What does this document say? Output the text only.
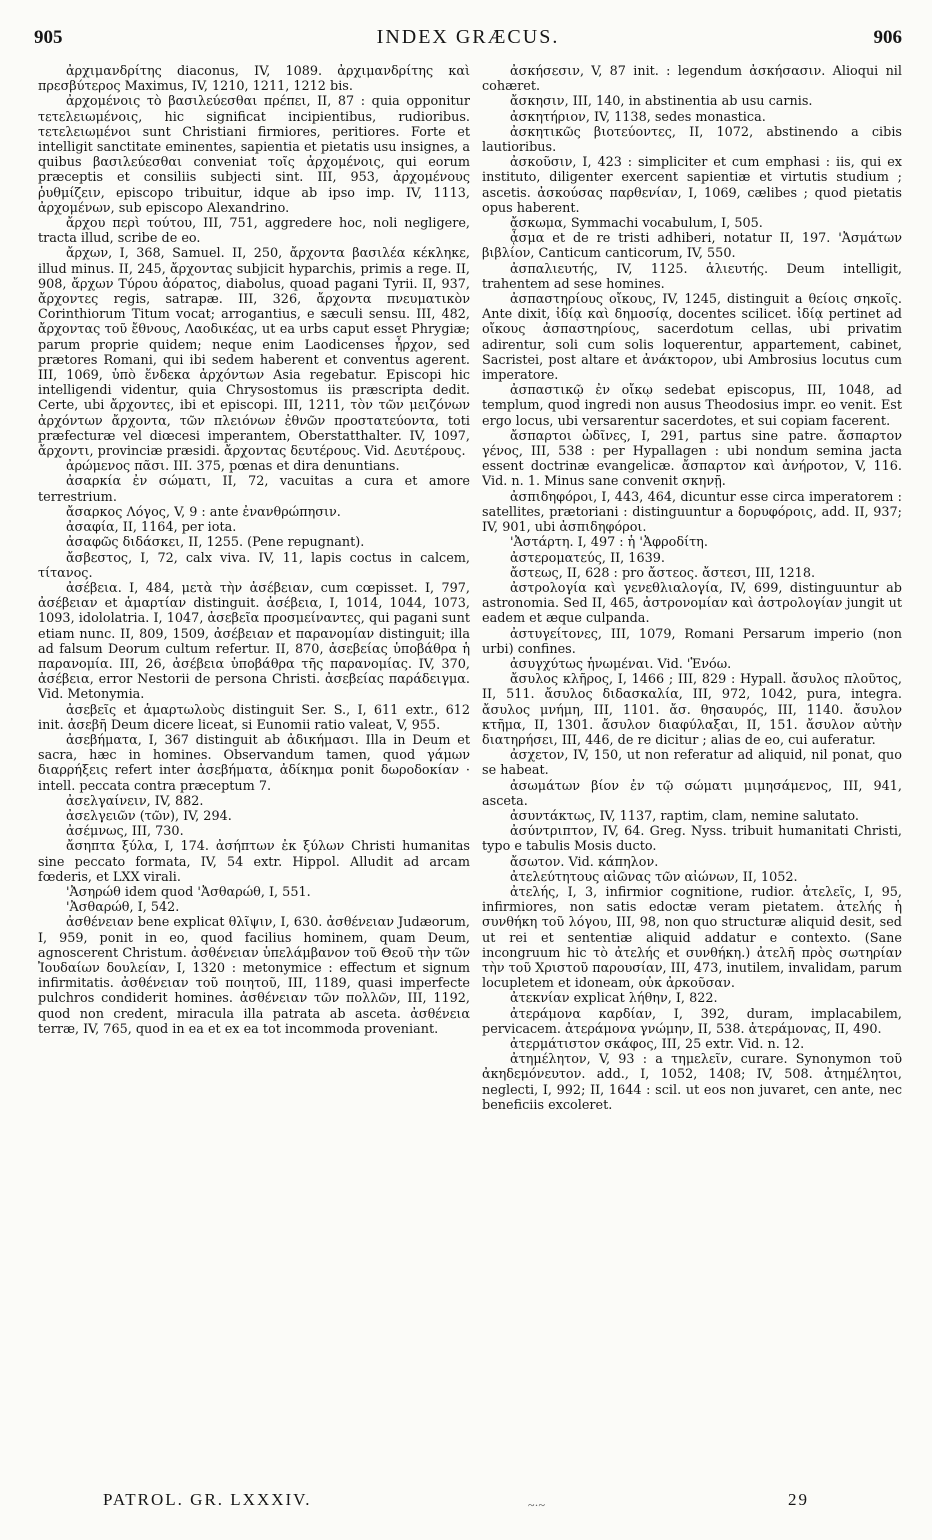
905	INDEX GRÆCUS.	906

ἀρχιμανδρίτης diaconus, IV, 1089. ἀρχιμανδρίτης καὶ πρεσβύτερος Maximus, IV, 1210, 1211, 1212 bis.

ἀρχομένοις τὸ βασιλεύεσθαι πρέπει, II, 87 : quia opponitur τετελειωμένοις, hic significat incipientibus, rudioribus. τετελειωμένοι sunt Christiani firmiores, peritiores. Forte et intelligit sanctitate eminentes, sapientia et pietatis usu insignes, a quibus βασιλεύεσθαι conveniat τοῖς ἀρχομένοις, qui eorum præceptis et consiliis subjecti sint. III, 953, ἀρχομένους ῥυθμίζειν, episcopo tribuitur, idque ab ipso imp. IV, 1113, ἀρχομένων, sub episcopo Alexandrino.

ἄρχου περὶ τούτου, III, 751, aggredere hoc, noli negligere, tracta illud, scribe de eo.

ἄρχων, I, 368, Samuel. II, 250, ἄρχοντα βασιλέα κέκληκε, illud minus. II, 245, ἄρχοντας subjicit hyparchis, primis a rege. II, 908, ἄρχων Τύρου ἀόρατος, diabolus, quoad pagani Tyrii. II, 937, ἄρχοντες regis, satrapæ. III, 326, ἄρχοντα πνευματικὸν Corinthiorum Titum vocat; arrogantius, e sæculi sensu. III, 482, ἄρχοντας τοῦ ἔθνους, Λαοδικέας, ut ea urbs caput esset Phrygiæ; parum proprie quidem; neque enim Laodicenses ἦρχον, sed prætores Romani, qui ibi sedem haberent et conventus agerent. III, 1069, ὑπὸ ἕνδεκα ἀρχόντων Asia regebatur. Episcopi hic intelligendi videntur, quia Chrysostomus iis præscripta dedit. Certe, ubi ἄρχοντες, ibi et episcopi. III, 1211, τὸν τῶν μειζόνων ἀρχόντων ἄρχοντα, τῶν πλειόνων ἐθνῶν προστατεύοντα, toti præfecturæ vel diœcesi imperantem, Oberstatthalter. IV, 1097, ἄρχοντι, provinciæ præsidi. ἄρχοντας δευτέρους. Vid. Δευτέρους.

ἀρώμενος πᾶσι. III. 375, pœnas et dira denuntians.

ἀσαρκία ἐν σώματι, II, 72, vacuitas a cura et amore terrestrium.

ἄσαρκος Λόγος, V, 9 : ante ἐνανθρώπησιν.

ἀσαφία, II, 1164, per iota.

ἀσαφῶς διδάσκει, II, 1255. (Pene repugnant).

ἄσβεστος, I, 72, calx viva. IV, 11, lapis coctus in calcem, τίτανος.

ἀσέβεια. I, 484, μετὰ τὴν ἀσέβειαν, cum cœpisset. I, 797, ἀσέβειαν et ἁμαρτίαν distinguit. ἀσέβεια, I, 1014, 1044, 1073, 1093, idololatria. I, 1047, ἀσεβεῖα προσμείναντες, qui pagani sunt etiam nunc. II, 809, 1509, ἀσέβειαν et παρανομίαν distinguit; illa ad falsum Deorum cultum refertur. II, 870, ἀσεβείας ὑποβάθρα ἡ παρανομία. III, 26, ἀσέβεια ὑποβάθρα τῆς παρανομίας. IV, 370, ἀσέβεια, error Nestorii de persona Christi. ἀσεβείας παράδειγμα. Vid. Metonymia.

ἀσεβεῖς et ἁμαρτωλοὺς distinguit Ser. S., I, 611 extr., 612 init. ἀσεβῆ Deum dicere liceat, si Eunomii ratio valeat, V, 955.

ἀσεβήματα, I, 367 distinguit ab ἀδικήμασι. Illa in Deum et sacra, hæc in homines. Observandum tamen, quod γάμων διαρρήξεις refert inter ἀσεβήματα, ἀδίκημα ponit δωροδοκίαν · intell. peccata contra præceptum 7.

ἀσελγαίνειν, IV, 882.

ἀσελγειῶν (τῶν), IV, 294.

ἀσέμνως, III, 730.

ἄσηπτα ξύλα, I, 174. ἀσήπτων ἐκ ξύλων Christi humanitas sine peccato formata, IV, 54 extr. Hippol. Alludit ad arcam fœderis, et LXX virali.

'Ἀσηρώθ idem quod 'Ἀσθαρώθ, I, 551.

'Ἀσθαρώθ, I, 542.

ἀσθένειαν bene explicat θλῖψιν, I, 630. ἀσθένειαν Judæorum, I, 959, ponit in eo, quod facilius hominem, quam Deum, agnoscerent Christum. ἀσθένειαν ὑπελάμβανον τοῦ Θεοῦ τὴν τῶν Ἰουδαίων δουλείαν, I, 1320 : metonymice : effectum et signum infirmitatis. ἀσθένειαν τοῦ ποιητοῦ, III, 1189, quasi imperfecte pulchros condiderit homines. ἀσθένειαν τῶν πολλῶν, III, 1192, quod non credent, miracula illa patrata ab asceta. ἀσθένεια terræ, IV, 765, quod in ea et ex ea tot incommoda proveniant.

ἀσκήσεσιν, V, 87 init. : legendum ἀσκήσασιν. Alioqui nil cohæret.

ἄσκησιν, III, 140, in abstinentia ab usu carnis.

ἀσκητήριον, IV, 1138, sedes monastica.

ἀσκητικῶς βιοτεύοντες, II, 1072, abstinendo a cibis lautioribus.

ἀσκοῦσιν, I, 423 : simpliciter et cum emphasi : iis, qui ex instituto, diligenter exercent sapientiæ et virtutis studium ; ascetis. ἀσκούσας παρθενίαν, I, 1069, cælibes ; quod pietatis opus haberent.

ἄσκωμα, Symmachi vocabulum, I, 505.

ᾆσμα et de re tristi adhiberi, notatur II, 197. 'Ἀσμάτων βιβλίον, Canticum canticorum, IV, 550.

ἀσπαλιευτής, IV, 1125. ἁλιευτής. Deum intelligit, trahentem ad sese homines.

ἀσπαστηρίους οἴκους, IV, 1245, distinguit a θείοις σηκοῖς. Ante dixit, ἰδίᾳ καὶ δημοσίᾳ, docentes scilicet. ἰδίᾳ pertinet ad οἴκους ἀσπαστηρίους, sacerdotum cellas, ubi privatim adirentur, soli cum solis loquerentur, appartement, cabinet, Sacristei, post altare et ἀνάκτορον, ubi Ambrosius locutus cum imperatore.

ἀσπαστικῷ ἐν οἴκῳ sedebat episcopus, III, 1048, ad templum, quod ingredi non ausus Theodosius impr. eo venit. Est ergo locus, ubi versarentur sacerdotes, et sui copiam facerent.

ἄσπαρτοι ὠδῖνες, I, 291, partus sine patre. ἄσπαρτον γένος, III, 538 : per Hypallagen : ubi nondum semina jacta essent doctrinæ evangelicæ. ἄσπαρτον καὶ ἀνήροτον, V, 116. Vid. n. 1. Minus sane convenit σκηνῇ.

ἀσπιδηφόροι, I, 443, 464, dicuntur esse circa imperatorem : satellites, prætoriani : distinguuntur a δορυφόροις, add. II, 937; IV, 901, ubi ἀσπιδηφόροι.

'Ἀστάρτη. I, 497 : ἡ 'Ἀφροδίτη.

ἀστεροματεύς, II, 1639.

ἄστεως, II, 628 : pro ἄστεος. ἄστεσι, III, 1218.

ἀστρολογία καὶ γενεθλιαλογία, IV, 699, distinguuntur ab astronomia. Sed II, 465, ἀστρονομίαν καὶ ἀστρολογίαν jungit ut eadem et æque culpanda.

ἀστυγείτονες, III, 1079, Romani Persarum imperio (non urbi) confines.

ἀσυγχύτως ἡνωμέναι. Vid. 'Ἑνόω.

ἄσυλος κλῆρος, I, 1466 ; III, 829 : Hypall. ἄσυλος πλοῦτος, II, 511. ἄσυλος διδασκαλία, III, 972, 1042, pura, integra. ἄσυλος μνήμη, III, 1101. ἄσ. θησαυρός, III, 1140. ἄσυλον κτῆμα, II, 1301. ἄσυλον διαφύλαξαι, II, 151. ἄσυλον αὐτὴν διατηρήσει, III, 446, de re dicitur ; alias de eo, cui auferatur.

ἀσχετον, IV, 150, ut non referatur ad aliquid, nil ponat, quo se habeat.

ἀσωμάτων βίον ἐν τῷ σώματι μιμησάμενος, III, 941, asceta.

ἀσυντάκτως, IV, 1137, raptim, clam, nemine salutato.

ἀσύντριπτον, IV, 64. Greg. Nyss. tribuit humanitati Christi, typo e tabulis Mosis ducto.

ἄσωτον. Vid. κάπηλον.

ἀτελεύτητους αἰῶνας τῶν αἰώνων, II, 1052.

ἀτελής, I, 3, infirmior cognitione, rudior. ἀτελεῖς, I, 95, infirmiores, non satis edoctæ veram pietatem. ἀτελής ἡ συνθήκη τοῦ λόγου, III, 98, non quo structuræ aliquid desit, sed ut rei et sententiæ aliquid addatur e contexto. (Sane incongruum hic τὸ ἀτελής et συνθήκη.) ἀτελῆ πρὸς σωτηρίαν τὴν τοῦ Χριστοῦ παρουσίαν, III, 473, inutilem, invalidam, parum locupletem et idoneam, οὐκ ἀρκοῦσαν.

ἀτεκνίαν explicat λήθην, I, 822.

ἀτεράμονα καρδίαν, I, 392, duram, implacabilem, pervicacem. ἀτεράμονα γνώμην, II, 538. ἀτεράμονας, II, 490.

ἀτερμάτιστον σκάφος, III, 25 extr. Vid. n. 12.

ἀτημέλητον, V, 93 : a τημελεῖν, curare. Synonymon τοῦ ἀκηδεμόνευτον. add., I, 1052, 1408; IV, 508. ἀτημέλητοι, neglecti, I, 992; II, 1644 : scil. ut eos non juvaret, cen ante, nec beneficiis excoleret.

PATROL. GR. LXXXIV.	~·~	29
